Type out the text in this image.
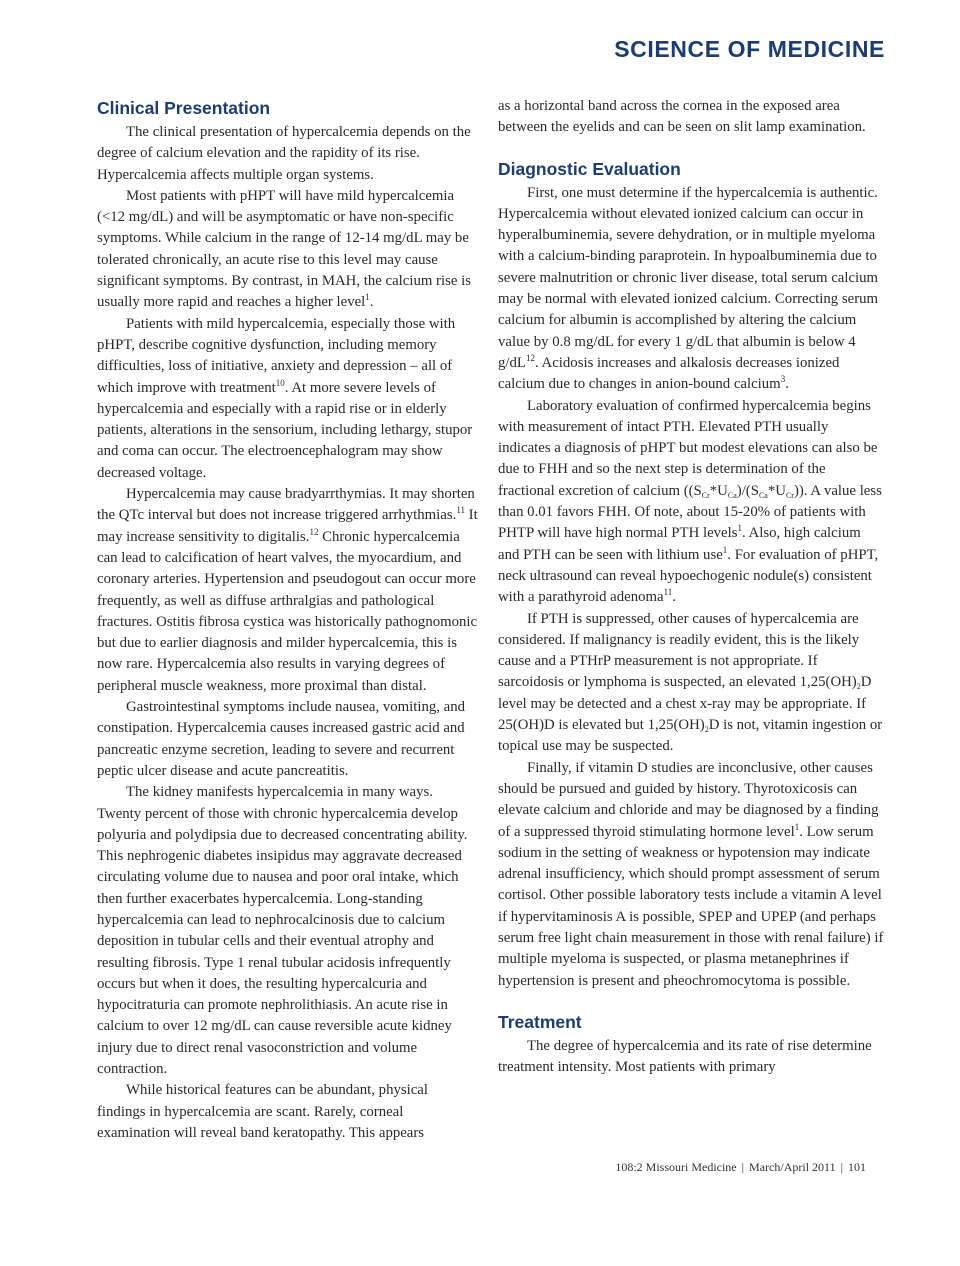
SCIENCE OF MEDICINE
Clinical Presentation

The clinical presentation of hypercalcemia depends on the degree of calcium elevation and the rapidity of its rise. Hypercalcemia affects multiple organ systems.

Most patients with pHPT will have mild hypercalcemia (<12 mg/dL) and will be asymptomatic or have non-specific symptoms. While calcium in the range of 12-14 mg/dL may be tolerated chronically, an acute rise to this level may cause significant symptoms. By contrast, in MAH, the calcium rise is usually more rapid and reaches a higher level$^1$.

Patients with mild hypercalcemia, especially those with pHPT, describe cognitive dysfunction, including memory difficulties, loss of initiative, anxiety and depression – all of which improve with treatment$^{10}$. At more severe levels of hypercalcemia and especially with a rapid rise or in elderly patients, alterations in the sensorium, including lethargy, stupor and coma can occur. The electroencephalogram may show decreased voltage.

Hypercalcemia may cause bradyarrthymias. It may shorten the QTc interval but does not increase triggered arrhythmias.$^{11}$ It may increase sensitivity to digitalis.$^{12}$ Chronic hypercalcemia can lead to calcification of heart valves, the myocardium, and coronary arteries. Hypertension and pseudogout can occur more frequently, as well as diffuse arthralgias and pathological fractures. Ostitis fibrosa cystica was historically pathognomonic but due to earlier diagnosis and milder hypercalcemia, this is now rare. Hypercalcemia also results in varying degrees of peripheral muscle weakness, more proximal than distal.

Gastrointestinal symptoms include nausea, vomiting, and constipation. Hypercalcemia causes increased gastric acid and pancreatic enzyme secretion, leading to severe and recurrent peptic ulcer disease and acute pancreatitis.

The kidney manifests hypercalcemia in many ways. Twenty percent of those with chronic hypercalcemia develop polyuria and polydipsia due to decreased concentrating ability. This nephrogenic diabetes insipidus may aggravate decreased circulating volume due to nausea and poor oral intake, which then further exacerbates hypercalcemia. Long-standing hypercalcemia can lead to nephrocalcinosis due to calcium deposition in tubular cells and their eventual atrophy and resulting fibrosis. Type 1 renal tubular acidosis infrequently occurs but when it does, the resulting hypercalcuria and hypocitraturia can promote nephrolithiasis. An acute rise in calcium to over 12 mg/dL can cause reversible acute kidney injury due to direct renal vasoconstriction and volume contraction.

While historical features can be abundant, physical findings in hypercalcemia are scant. Rarely, corneal examination will reveal band keratopathy. This appears

as a horizontal band across the cornea in the exposed area between the eyelids and can be seen on slit lamp examination.

Diagnostic Evaluation

First, one must determine if the hypercalcemia is authentic. Hypercalcemia without elevated ionized calcium can occur in hyperalbuminemia, severe dehydration, or in multiple myeloma with a calcium-binding paraprotein. In hypoalbuminemia due to severe malnutrition or chronic liver disease, total serum calcium may be normal with elevated ionized calcium. Correcting serum calcium for albumin is accomplished by altering the calcium value by 0.8 mg/dL for every 1 g/dL that albumin is below 4 $g/dL^{12}$. Acidosis increases and alkalosis decreases ionized calcium due to changes in anion-bound calcium$^3$.

Laboratory evaluation of confirmed hypercalcemia begins with measurement of intact PTH. Elevated PTH usually indicates a diagnosis of pHPT but modest elevations can also be due to FHH and so the next step is determination of the fractional excretion of calcium $((S_{Cr}*U_{Ca})/(S_{Ca}*U_{Cr}))$. A value less than 0.01 favors FHH. Of note, about 15-20% of patients with PHTP will have high normal PTH levels$^1$. Also, high calcium and PTH can be seen with lithium use$^1$. For evaluation of pHPT, neck ultrasound can reveal hypoechogenic nodule(s) consistent with a parathyroid adenoma$^{11}$.

If PTH is suppressed, other causes of hypercalcemia are considered. If malignancy is readily evident, this is the likely cause and a PTHrP measurement is not appropriate. If sarcoidosis or lymphoma is suspected, an elevated $1,25(OH)_2D$ level may be detected and a chest x-ray may be appropriate. If 25(OH)D is elevated but $1,25(OH)_2D$ is not, vitamin ingestion or topical use may be suspected.

Finally, if vitamin D studies are inconclusive, other causes should be pursued and guided by history. Thyrotoxicosis can elevate calcium and chloride and may be diagnosed by a finding of a suppressed thyroid stimulating hormone level$^1$. Low serum sodium in the setting of weakness or hypotension may indicate adrenal insufficiency, which should prompt assessment of serum cortisol. Other possible laboratory tests include a vitamin A level if hypervitaminosis A is possible, SPEP and UPEP (and perhaps serum free light chain measurement in those with renal failure) if multiple myeloma is suspected, or plasma metanephrines if hypertension is present and pheochromocytoma is possible.

Treatment

The degree of hypercalcemia and its rate of rise determine treatment intensity. Most patients with primary

108:2 Missouri Medicine | March/April 2011 | 101
